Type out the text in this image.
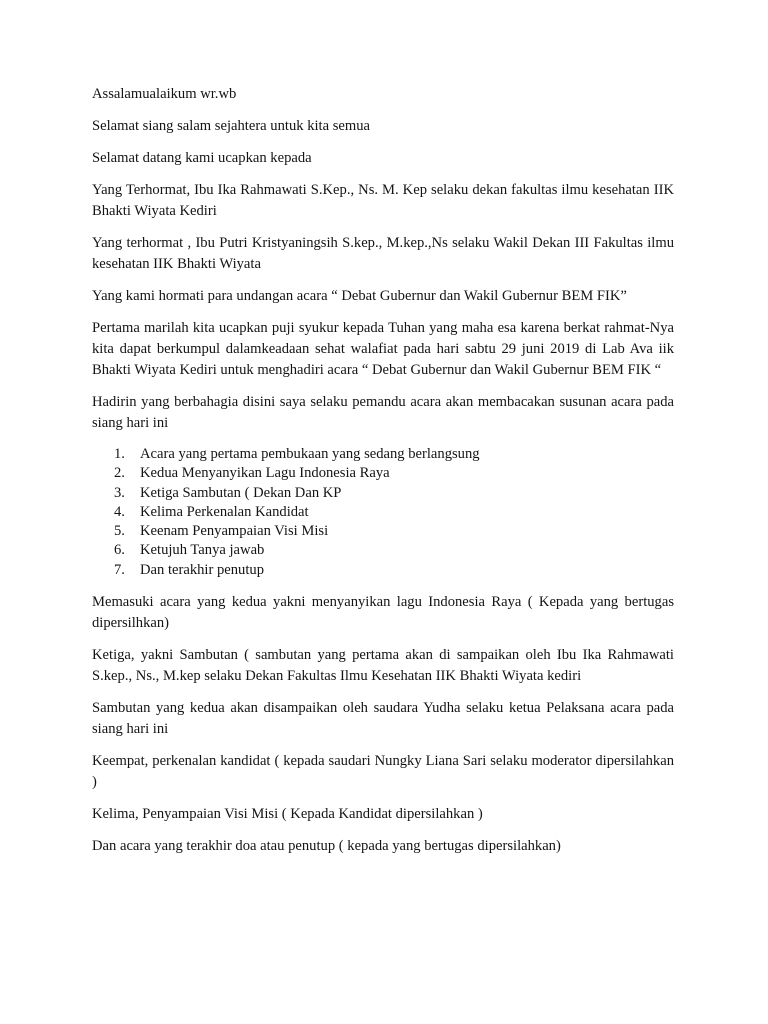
Assalamualaikum wr.wb

Selamat siang salam sejahtera untuk kita semua

Selamat datang kami ucapkan kepada

Yang Terhormat, Ibu Ika Rahmawati S.Kep., Ns. M. Kep selaku dekan fakultas ilmu kesehatan IIK Bhakti Wiyata Kediri

Yang terhormat , Ibu Putri Kristyaningsih S.kep., M.kep.,Ns selaku Wakil Dekan III Fakultas ilmu kesehatan IIK Bhakti Wiyata

Yang kami hormati para undangan acara “ Debat Gubernur dan Wakil Gubernur BEM FIK”

Pertama marilah kita ucapkan puji syukur kepada Tuhan yang maha esa karena berkat rahmat-Nya kita dapat berkumpul dalamkeadaan sehat walafiat pada hari sabtu 29 juni 2019 di Lab Ava iik Bhakti Wiyata Kediri untuk menghadiri acara “ Debat Gubernur dan Wakil Gubernur BEM FIK “

Hadirin yang berbahagia disini saya selaku pemandu acara akan membacakan susunan acara pada siang hari ini

1. Acara yang pertama pembukaan yang sedang berlangsung
2. Kedua Menyanyikan Lagu Indonesia Raya
3. Ketiga Sambutan ( Dekan Dan KP
4. Kelima Perkenalan Kandidat
5. Keenam Penyampaian Visi Misi
6. Ketujuh Tanya jawab
7. Dan terakhir penutup

Memasuki acara yang kedua yakni menyanyikan lagu Indonesia Raya ( Kepada yang bertugas dipersilhkan)

Ketiga, yakni Sambutan ( sambutan yang pertama akan di sampaikan oleh Ibu Ika Rahmawati S.kep., Ns., M.kep selaku Dekan Fakultas Ilmu Kesehatan IIK Bhakti Wiyata kediri

Sambutan yang kedua akan disampaikan oleh saudara Yudha selaku ketua Pelaksana acara pada siang hari ini

Keempat, perkenalan kandidat ( kepada saudari Nungky Liana Sari selaku moderator dipersilahkan )

Kelima, Penyampaian Visi Misi ( Kepada Kandidat dipersilahkan )

Dan acara yang terakhir doa atau penutup ( kepada yang bertugas dipersilahkan)
